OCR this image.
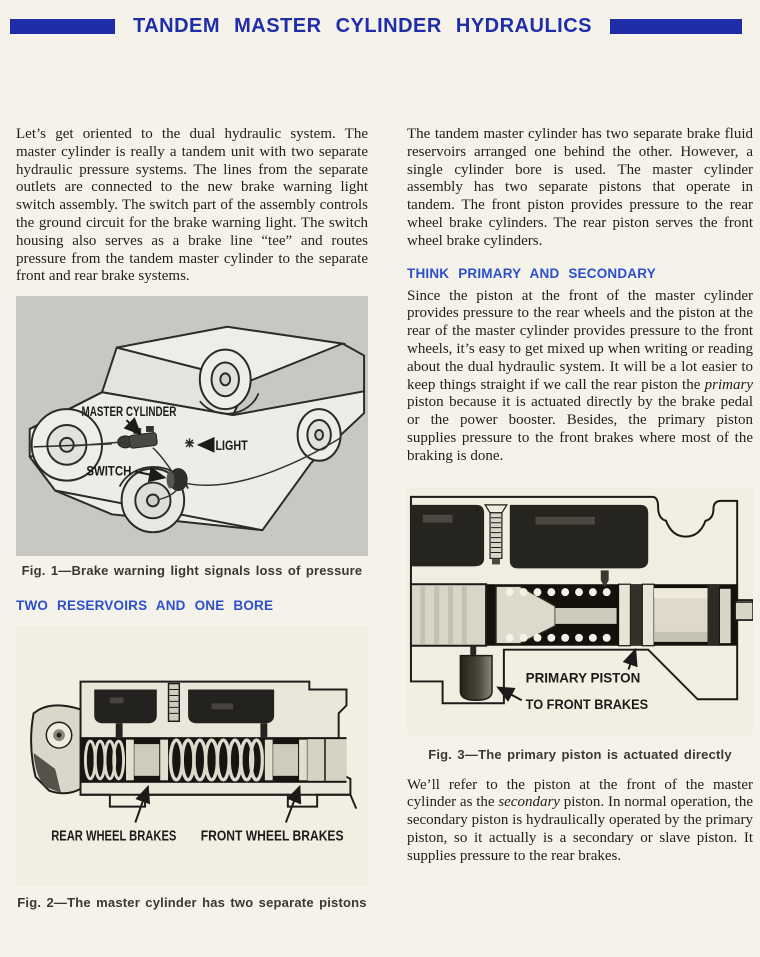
TANDEM MASTER CYLINDER HYDRAULICS

Let’s get oriented to the dual hydraulic system. The master cylinder is really a tandem unit with two separate hydraulic pressure systems. The lines from the separate outlets are connected to the new brake warning light switch assembly. The switch part of the assembly controls the ground circuit for the brake warning light. The switch housing also serves as a brake line “tee” and routes pressure from the tandem master cylinder to the separate front and rear brake systems.

MASTER CYLINDER
SWITCH
LIGHT
Fig. 1—Brake warning light signals loss of pressure
TWO RESERVOIRS AND ONE BORE
REAR WHEEL BRAKES FRONT WHEEL BRAKES
Fig. 2—The master cylinder has two separate pistons

The tandem master cylinder has two separate brake fluid reservoirs arranged one behind the other. However, a single cylinder bore is used. The master cylinder assembly has two separate pistons that operate in tandem. The front piston provides pressure to the rear wheel brake cylinders. The rear piston serves the front wheel brake cylinders.

THINK PRIMARY AND SECONDARY

Since the piston at the front of the master cylinder provides pressure to the rear wheels and the piston at the rear of the master cylinder provides pressure to the front wheels, it’s easy to get mixed up when writing or reading about the dual hydraulic system. It will be a lot easier to keep things straight if we call the rear piston the primary piston because it is actuated directly by the brake pedal or the power booster. Besides, the primary piston supplies pressure to the front brakes where most of the braking is done.

PRIMARY PISTON
TO FRONT BRAKES
Fig. 3—The primary piston is actuated directly

We’ll refer to the piston at the front of the master cylinder as the secondary piston. In normal operation, the secondary piston is hydraulically operated by the primary piston, so it actually is a secondary or slave piston. It supplies pressure to the rear brakes.
